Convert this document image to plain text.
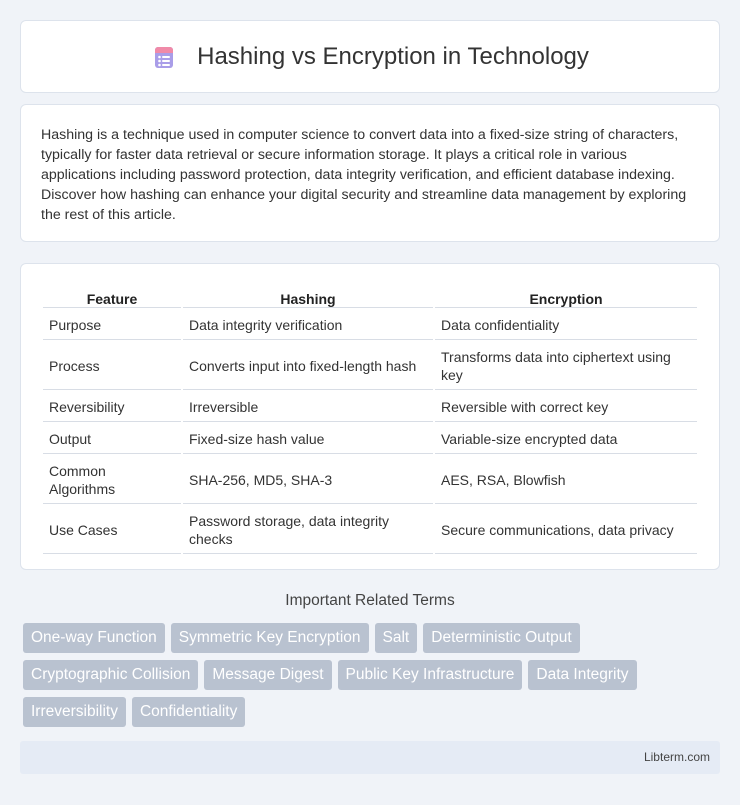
Hashing vs Encryption in Technology

Hashing is a technique used in computer science to convert data into a fixed-size string of characters, typically for faster data retrieval or secure information storage. It plays a critical role in various applications including password protection, data integrity verification, and efficient database indexing. Discover how hashing can enhance your digital security and streamline data management by exploring the rest of this article.

Feature	Hashing	Encryption
Purpose	Data integrity verification	Data confidentiality
Process	Converts input into fixed-length hash	Transforms data into ciphertext using key
Reversibility	Irreversible	Reversible with correct key
Output	Fixed-size hash value	Variable-size encrypted data
Common Algorithms	SHA-256, MD5, SHA-3	AES, RSA, Blowfish
Use Cases	Password storage, data integrity checks	Secure communications, data privacy
Important Related Terms
One-way Function	Symmetric Key Encryption	Salt	Deterministic Output
Cryptographic Collision	Message Digest	Public Key Infrastructure	Data Integrity
Irreversibility	Confidentiality
Libterm.com
